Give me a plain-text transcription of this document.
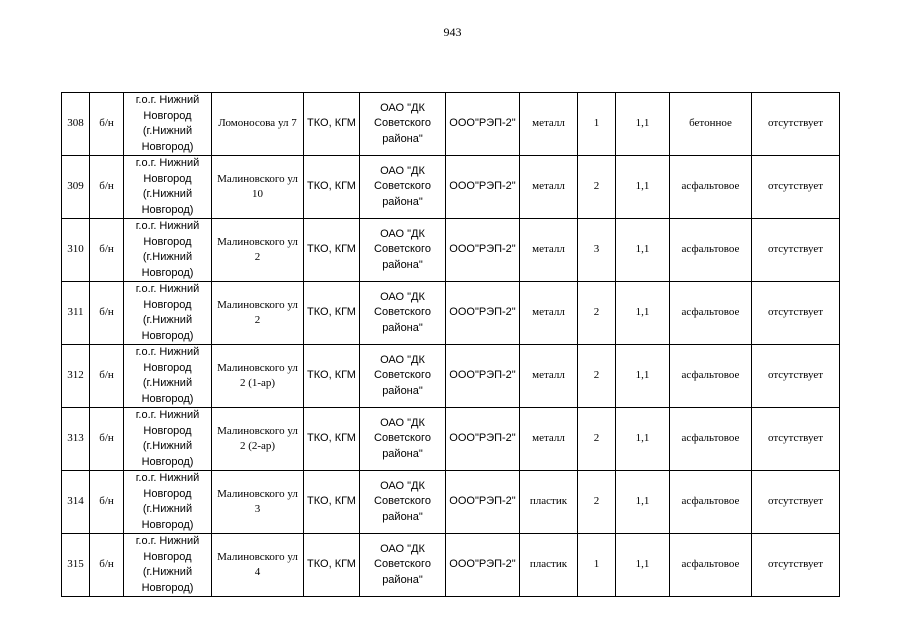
943
308	б/н	г.о.г. Нижний Новгород (г.Нижний Новгород)	Ломоносова ул 7	ТКО, КГМ	ОАО "ДК Советского района"	ООО"РЭП-2"	металл	1	1,1	бетонное	отсутствует
309	б/н	г.о.г. Нижний Новгород (г.Нижний Новгород)	Малиновского ул 10	ТКО, КГМ	ОАО "ДК Советского района"	ООО"РЭП-2"	металл	2	1,1	асфальтовое	отсутствует
310	б/н	г.о.г. Нижний Новгород (г.Нижний Новгород)	Малиновского ул 2	ТКО, КГМ	ОАО "ДК Советского района"	ООО"РЭП-2"	металл	3	1,1	асфальтовое	отсутствует
311	б/н	г.о.г. Нижний Новгород (г.Нижний Новгород)	Малиновского ул 2	ТКО, КГМ	ОАО "ДК Советского района"	ООО"РЭП-2"	металл	2	1,1	асфальтовое	отсутствует
312	б/н	г.о.г. Нижний Новгород (г.Нижний Новгород)	Малиновского ул 2 (1-ар)	ТКО, КГМ	ОАО "ДК Советского района"	ООО"РЭП-2"	металл	2	1,1	асфальтовое	отсутствует
313	б/н	г.о.г. Нижний Новгород (г.Нижний Новгород)	Малиновского ул 2 (2-ар)	ТКО, КГМ	ОАО "ДК Советского района"	ООО"РЭП-2"	металл	2	1,1	асфальтовое	отсутствует
314	б/н	г.о.г. Нижний Новгород (г.Нижний Новгород)	Малиновского ул 3	ТКО, КГМ	ОАО "ДК Советского района"	ООО"РЭП-2"	пластик	2	1,1	асфальтовое	отсутствует
315	б/н	г.о.г. Нижний Новгород (г.Нижний Новгород)	Малиновского ул 4	ТКО, КГМ	ОАО "ДК Советского района"	ООО"РЭП-2"	пластик	1	1,1	асфальтовое	отсутствует
